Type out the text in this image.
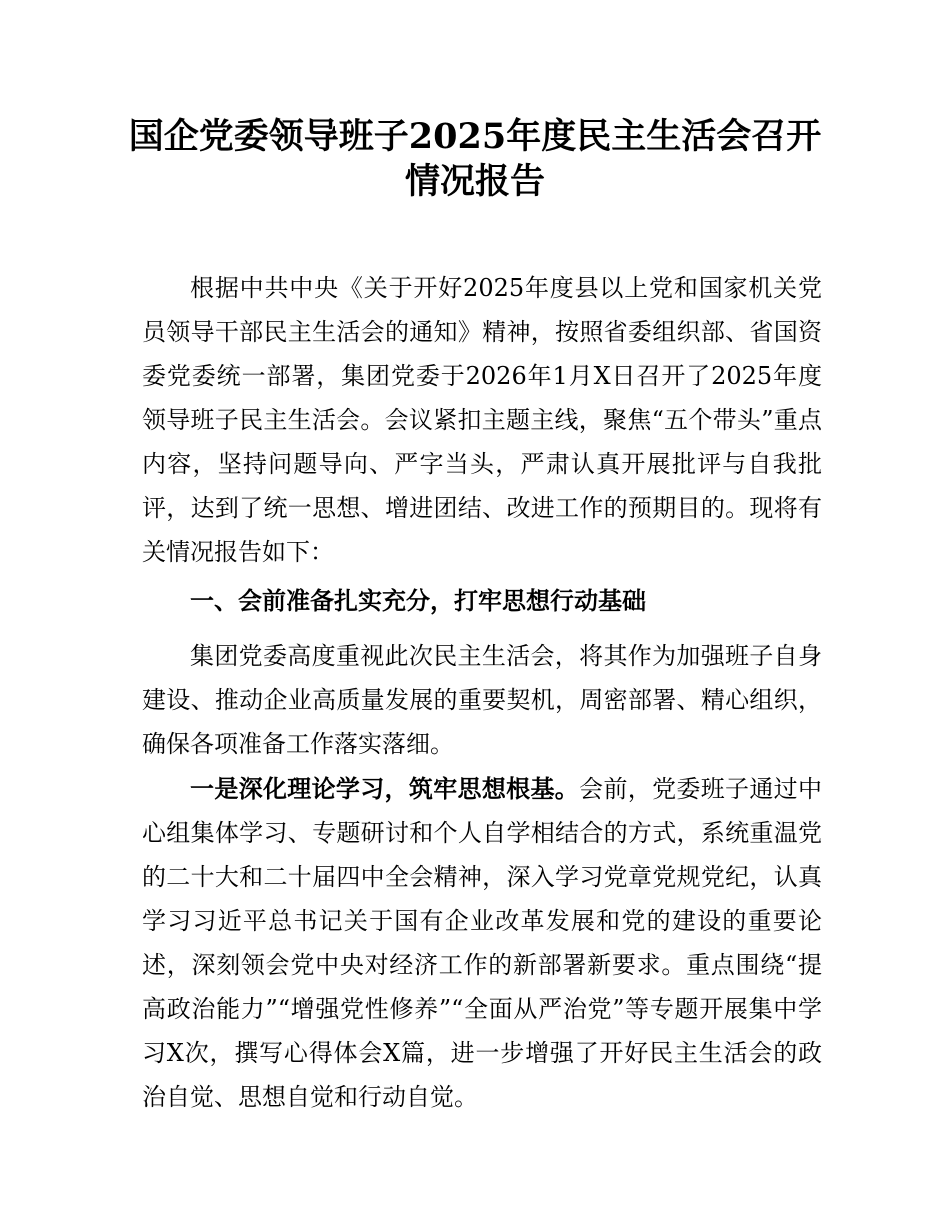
国企党委领导班子2025年度民主生活会召开
情况报告

根据中共中央《关于开好2025年度县以上党和国家机关党员领导干部民主生活会的通知》精神，按照省委组织部、省国资委党委统一部署，集团党委于2026年1月X日召开了2025年度领导班子民主生活会。会议紧扣主题主线，聚焦“五个带头”重点内容，坚持问题导向、严字当头，严肃认真开展批评与自我批评，达到了统一思想、增进团结、改进工作的预期目的。现将有关情况报告如下：

一、会前准备扎实充分，打牢思想行动基础

集团党委高度重视此次民主生活会，将其作为加强班子自身建设、推动企业高质量发展的重要契机，周密部署、精心组织，确保各项准备工作落实落细。

一是深化理论学习，筑牢思想根基。会前，党委班子通过中心组集体学习、专题研讨和个人自学相结合的方式，系统重温党的二十大和二十届四中全会精神，深入学习党章党规党纪，认真学习习近平总书记关于国有企业改革发展和党的建设的重要论述，深刻领会党中央对经济工作的新部署新要求。重点围绕“提高政治能力”“增强党性修养”“全面从严治党”等专题开展集中学习X次，撰写心得体会X篇，进一步增强了开好民主生活会的政治自觉、思想自觉和行动自觉。
